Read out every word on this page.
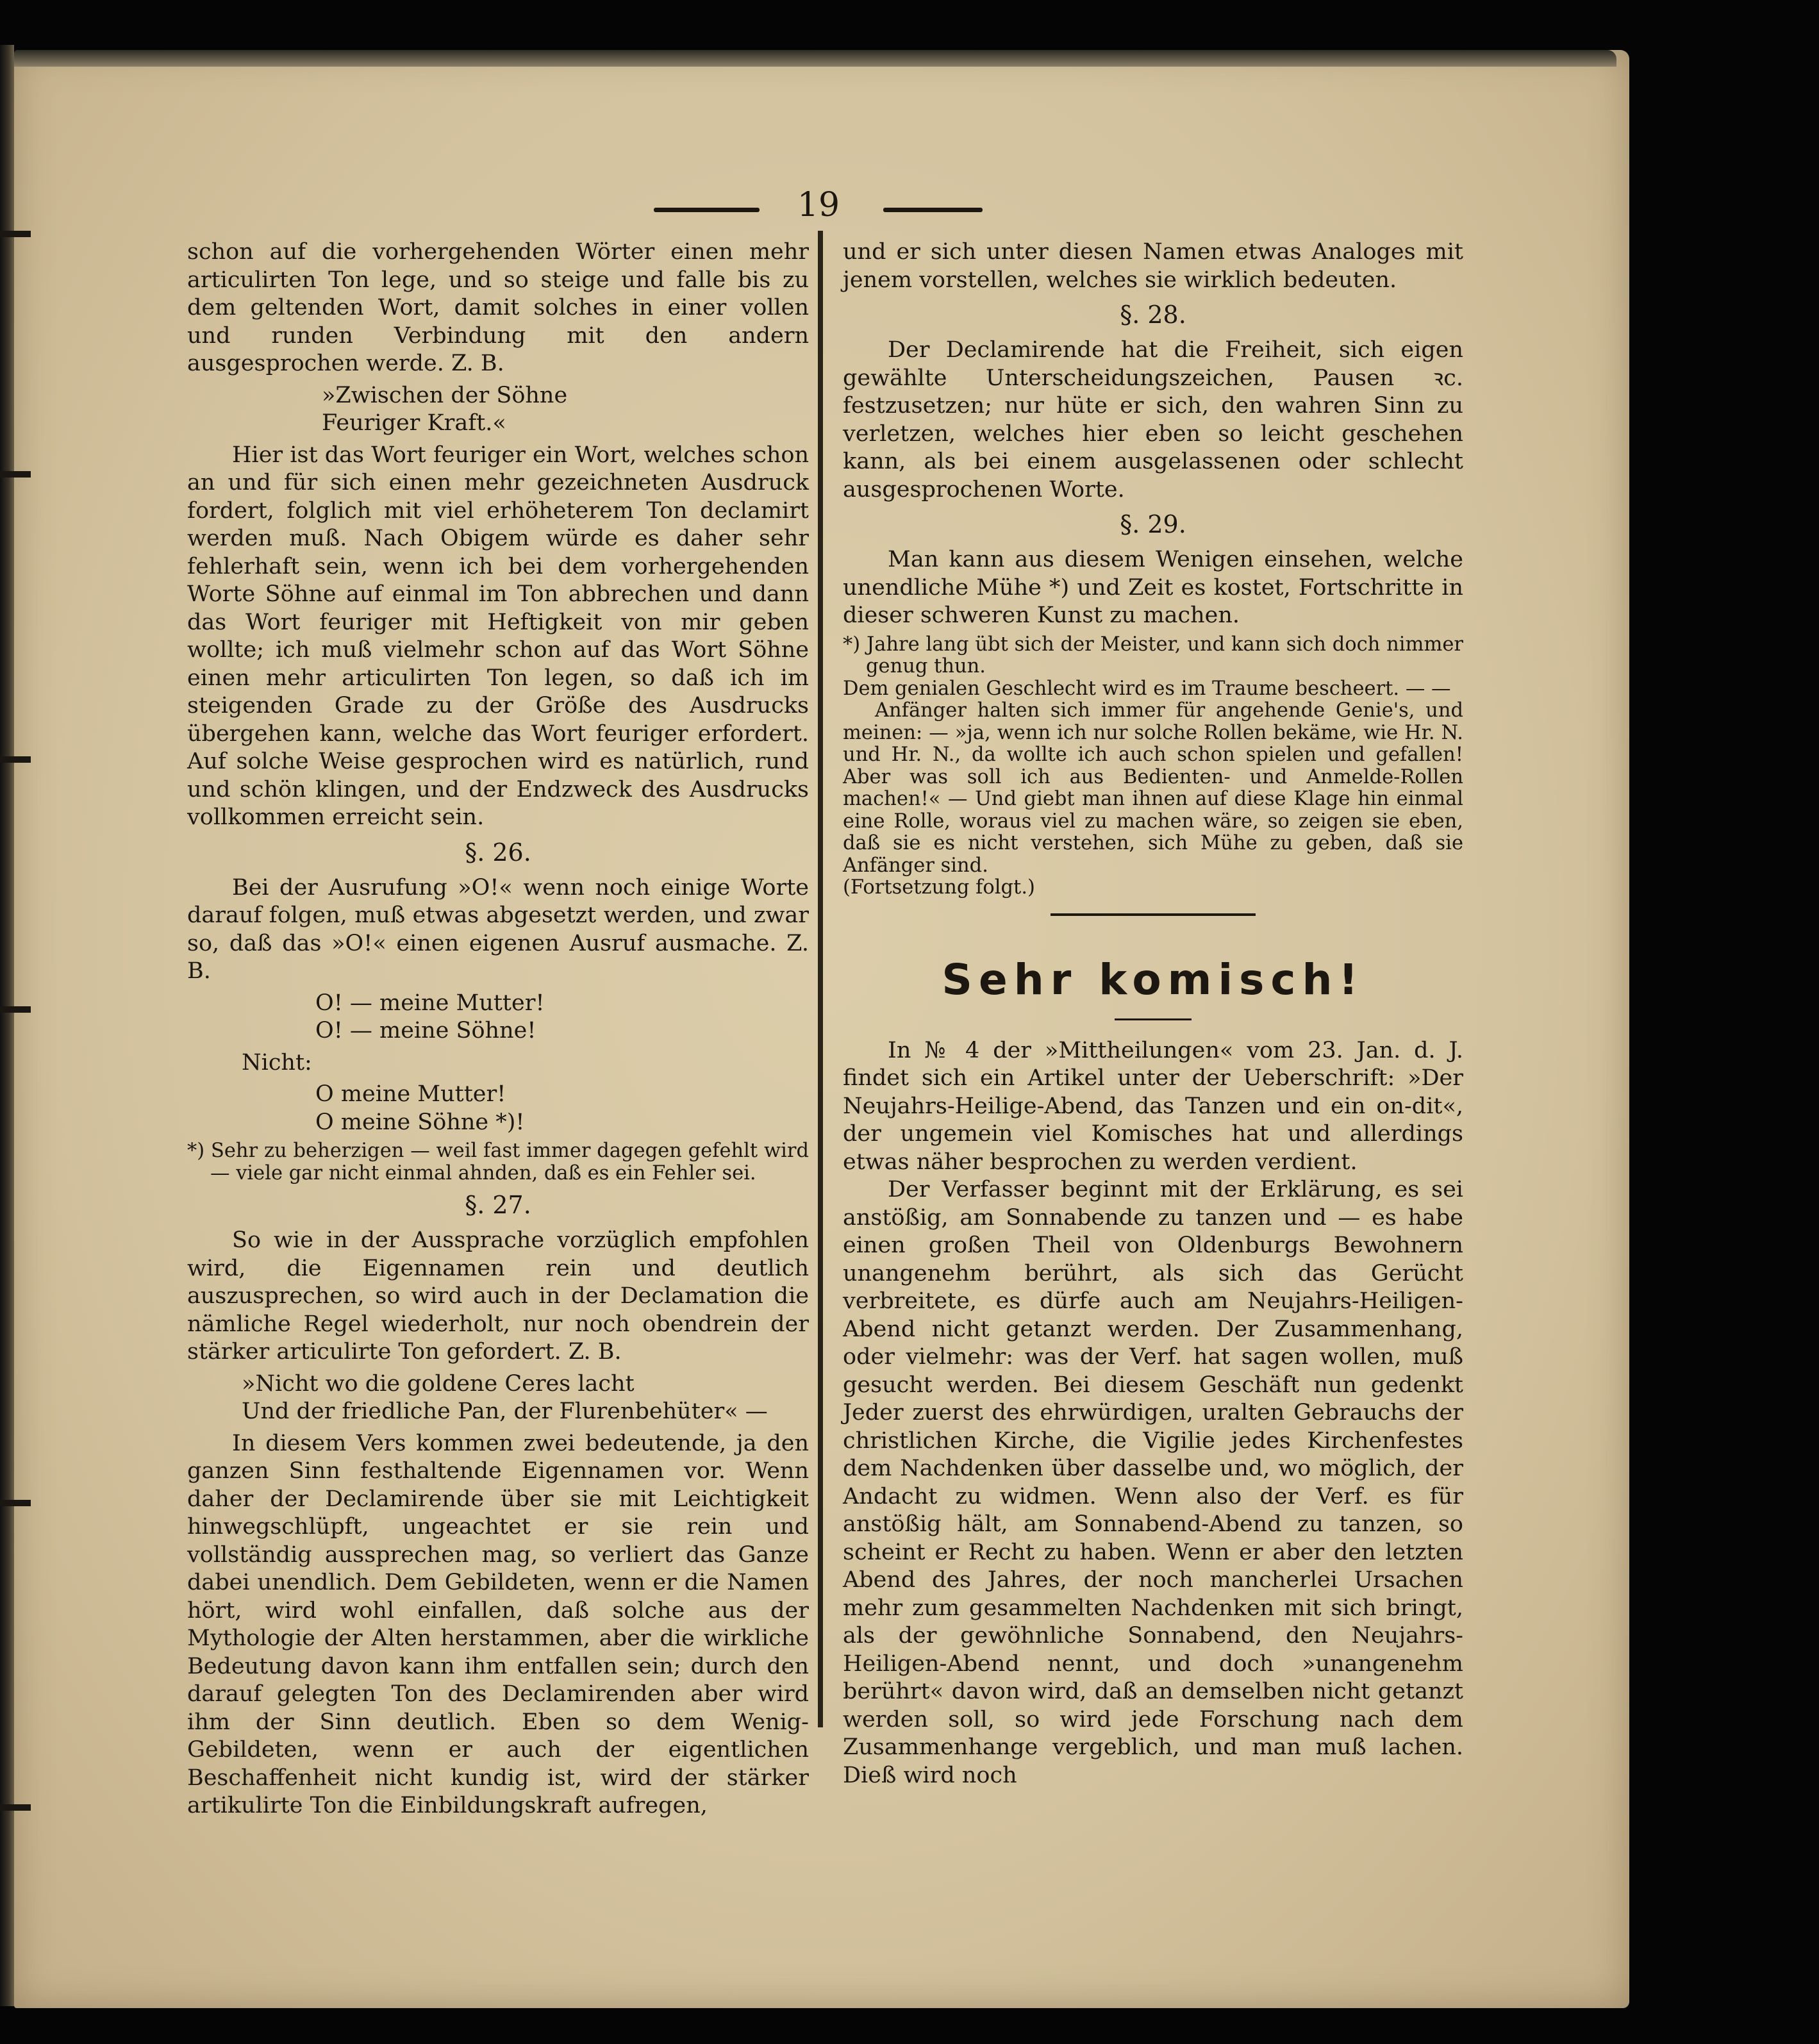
19

schon auf die vorhergehenden Wörter einen mehr articulirten Ton lege, und so steige und falle bis zu dem geltenden Wort, damit solches in einer vollen und runden Verbindung mit den andern ausgesprochen werde. Z. B.

»Zwischen der Söhne
Feuriger Kraft.«

Hier ist das Wort feuriger ein Wort, welches schon an und für sich einen mehr gezeichneten Ausdruck fordert, folglich mit viel erhöheterem Ton declamirt werden muß. Nach Obigem würde es daher sehr fehlerhaft sein, wenn ich bei dem vorhergehenden Worte Söhne auf einmal im Ton abbrechen und dann das Wort feuriger mit Heftigkeit von mir geben wollte; ich muß vielmehr schon auf das Wort Söhne einen mehr articulirten Ton legen, so daß ich im steigenden Grade zu der Größe des Ausdrucks übergehen kann, welche das Wort feuriger erfordert. Auf solche Weise gesprochen wird es natürlich, rund und schön klingen, und der Endzweck des Ausdrucks vollkommen erreicht sein.

§. 26.

Bei der Ausrufung »O!« wenn noch einige Worte darauf folgen, muß etwas abgesetzt werden, und zwar so, daß das »O!« einen eigenen Ausruf ausmache. Z. B.

O! — meine Mutter!
O! — meine Söhne!
Nicht:
O meine Mutter!
O meine Söhne *)!

*) Sehr zu beherzigen — weil fast immer dagegen gefehlt wird — viele gar nicht einmal ahnden, daß es ein Fehler sei.

§. 27.

So wie in der Aussprache vorzüglich empfohlen wird, die Eigennamen rein und deutlich auszusprechen, so wird auch in der Declamation die nämliche Regel wiederholt, nur noch obendrein der stärker articulirte Ton gefordert. Z. B.

»Nicht wo die goldene Ceres lacht
Und der friedliche Pan, der Flurenbehüter« —

In diesem Vers kommen zwei bedeutende, ja den ganzen Sinn festhaltende Eigennamen vor. Wenn daher der Declamirende über sie mit Leichtigkeit hinwegschlüpft, ungeachtet er sie rein und vollständig ausspreсhen mag, so verliert das Ganze dabei unendlich. Dem Gebildeten, wenn er die Namen hört, wird wohl einfallen, daß solche aus der Mythologie der Alten herstammen, aber die wirkliche Bedeutung davon kann ihm entfallen sein; durch den darauf gelegten Ton des Declamirenden aber wird ihm der Sinn deutlich. Eben so dem Wenig-Gebildeten, wenn er auch der eigentlichen Beschaffenheit nicht kundig ist, wird der stärker artikulirte Ton die Einbildungskraft aufregen,

und er sich unter diesen Namen etwas Analoges mit jenem vorstellen, welches sie wirklich bedeuten.

§. 28.

Der Declamirende hat die Freiheit, sich eigen gewählte Unterscheidungszeichen, Pausen ꝛc. festzusetzen; nur hüte er sich, den wahren Sinn zu verletzen, welches hier eben so leicht geschehen kann, als bei einem ausgelassenen oder schlecht ausgesprochenen Worte.

§. 29.

Man kann aus diesem Wenigen einsehen, welche unendliche Mühe *) und Zeit es kostet, Fortschritte in dieser schweren Kunst zu machen.

*) Jahre lang übt sich der Meister, und kann sich doch nimmer genug thun.

Dem genialen Geschlecht wird es im Traume bescheert. — —

Anfänger halten sich immer für angehende Genie's, und meinen: — »ja, wenn ich nur solche Rollen bekäme, wie Hr. N. und Hr. N., da wollte ich auch schon spielen und gefallen! Aber was soll ich aus Bedienten- und Anmelde-Rollen machen!« — Und giebt man ihnen auf diese Klage hin einmal eine Rolle, woraus viel zu machen wäre, so zeigen sie eben, daß sie es nicht verstehen, sich Mühe zu geben, daß sie Anfänger sind.

(Fortsetzung folgt.)

Sehr komisch!

In № 4 der »Mittheilungen« vom 23. Jan. d. J. findet sich ein Artikel unter der Ueberschrift: »Der Neujahrs-Heilige-Abend, das Tanzen und ein on-dit«, der ungemein viel Komisches hat und allerdings etwas näher besprochen zu werden verdient.

Der Verfasser beginnt mit der Erklärung, es sei anstößig, am Sonnabende zu tanzen und — es habe einen großen Theil von Oldenburgs Bewohnern unangenehm berührt, als sich das Gerücht verbreitete, es dürfe auch am Neujahrs-Heiligen-Abend nicht getanzt werden. Der Zusammenhang, oder vielmehr: was der Verf. hat sagen wollen, muß gesucht werden. Bei diesem Geschäft nun gedenkt Jeder zuerst des ehrwürdigen, uralten Gebrauchs der christlichen Kirche, die Vigilie jedes Kirchenfestes dem Nachdenken über dasselbe und, wo möglich, der Andacht zu widmen. Wenn also der Verf. es für anstößig hält, am Sonnabend-Abend zu tanzen, so scheint er Recht zu haben. Wenn er aber den letzten Abend des Jahres, der noch mancherlei Ursachen mehr zum gesammelten Nachdenken mit sich bringt, als der gewöhnliche Sonnabend, den Neujahrs-Heiligen-Abend nennt, und doch »unangenehm berührt« davon wird, daß an demselben nicht getanzt werden soll, so wird jede Forschung nach dem Zusammenhange vergeblich, und man muß lachen. Dieß wird noch
